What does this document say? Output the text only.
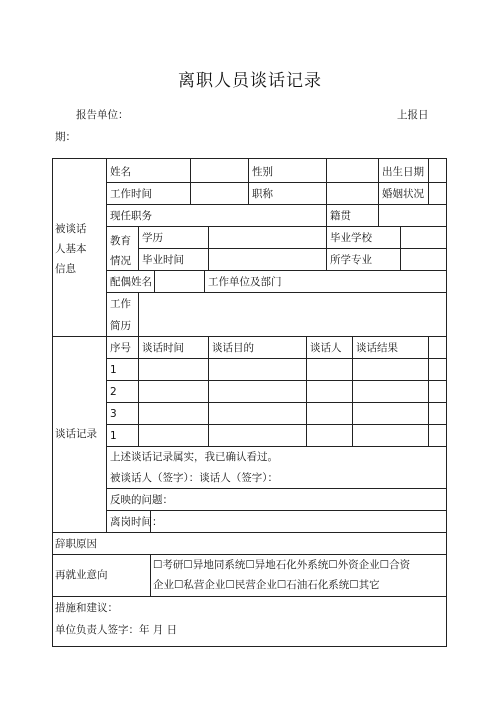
离职人员谈话记录
报告单位：	上报日
期：
被谈话
人基本
信息
姓名	性别	出生日期
工作时间	职称	婚姻状况
现任职务	籍贯
教育
情况
学历	毕业学校
毕业时间	所学专业
配偶姓名	工作单位及部门
工作
简历
谈话记录
序号 谈话时间	谈话目的	谈话人 谈话结果
1
2
3
1
上述谈话记录属实，我已确认看过。
被谈话人（签字）：谈话人（签字）：
反映的问题：
离岗时间：
辞职原因
再就业意向
☐考研☐异地同系统☐异地石化外系统☐外资企业☐合资
企业☐私营企业☐民营企业☐石油石化系统☐其它
措施和建议：
单位负责人签字：年 月 日
